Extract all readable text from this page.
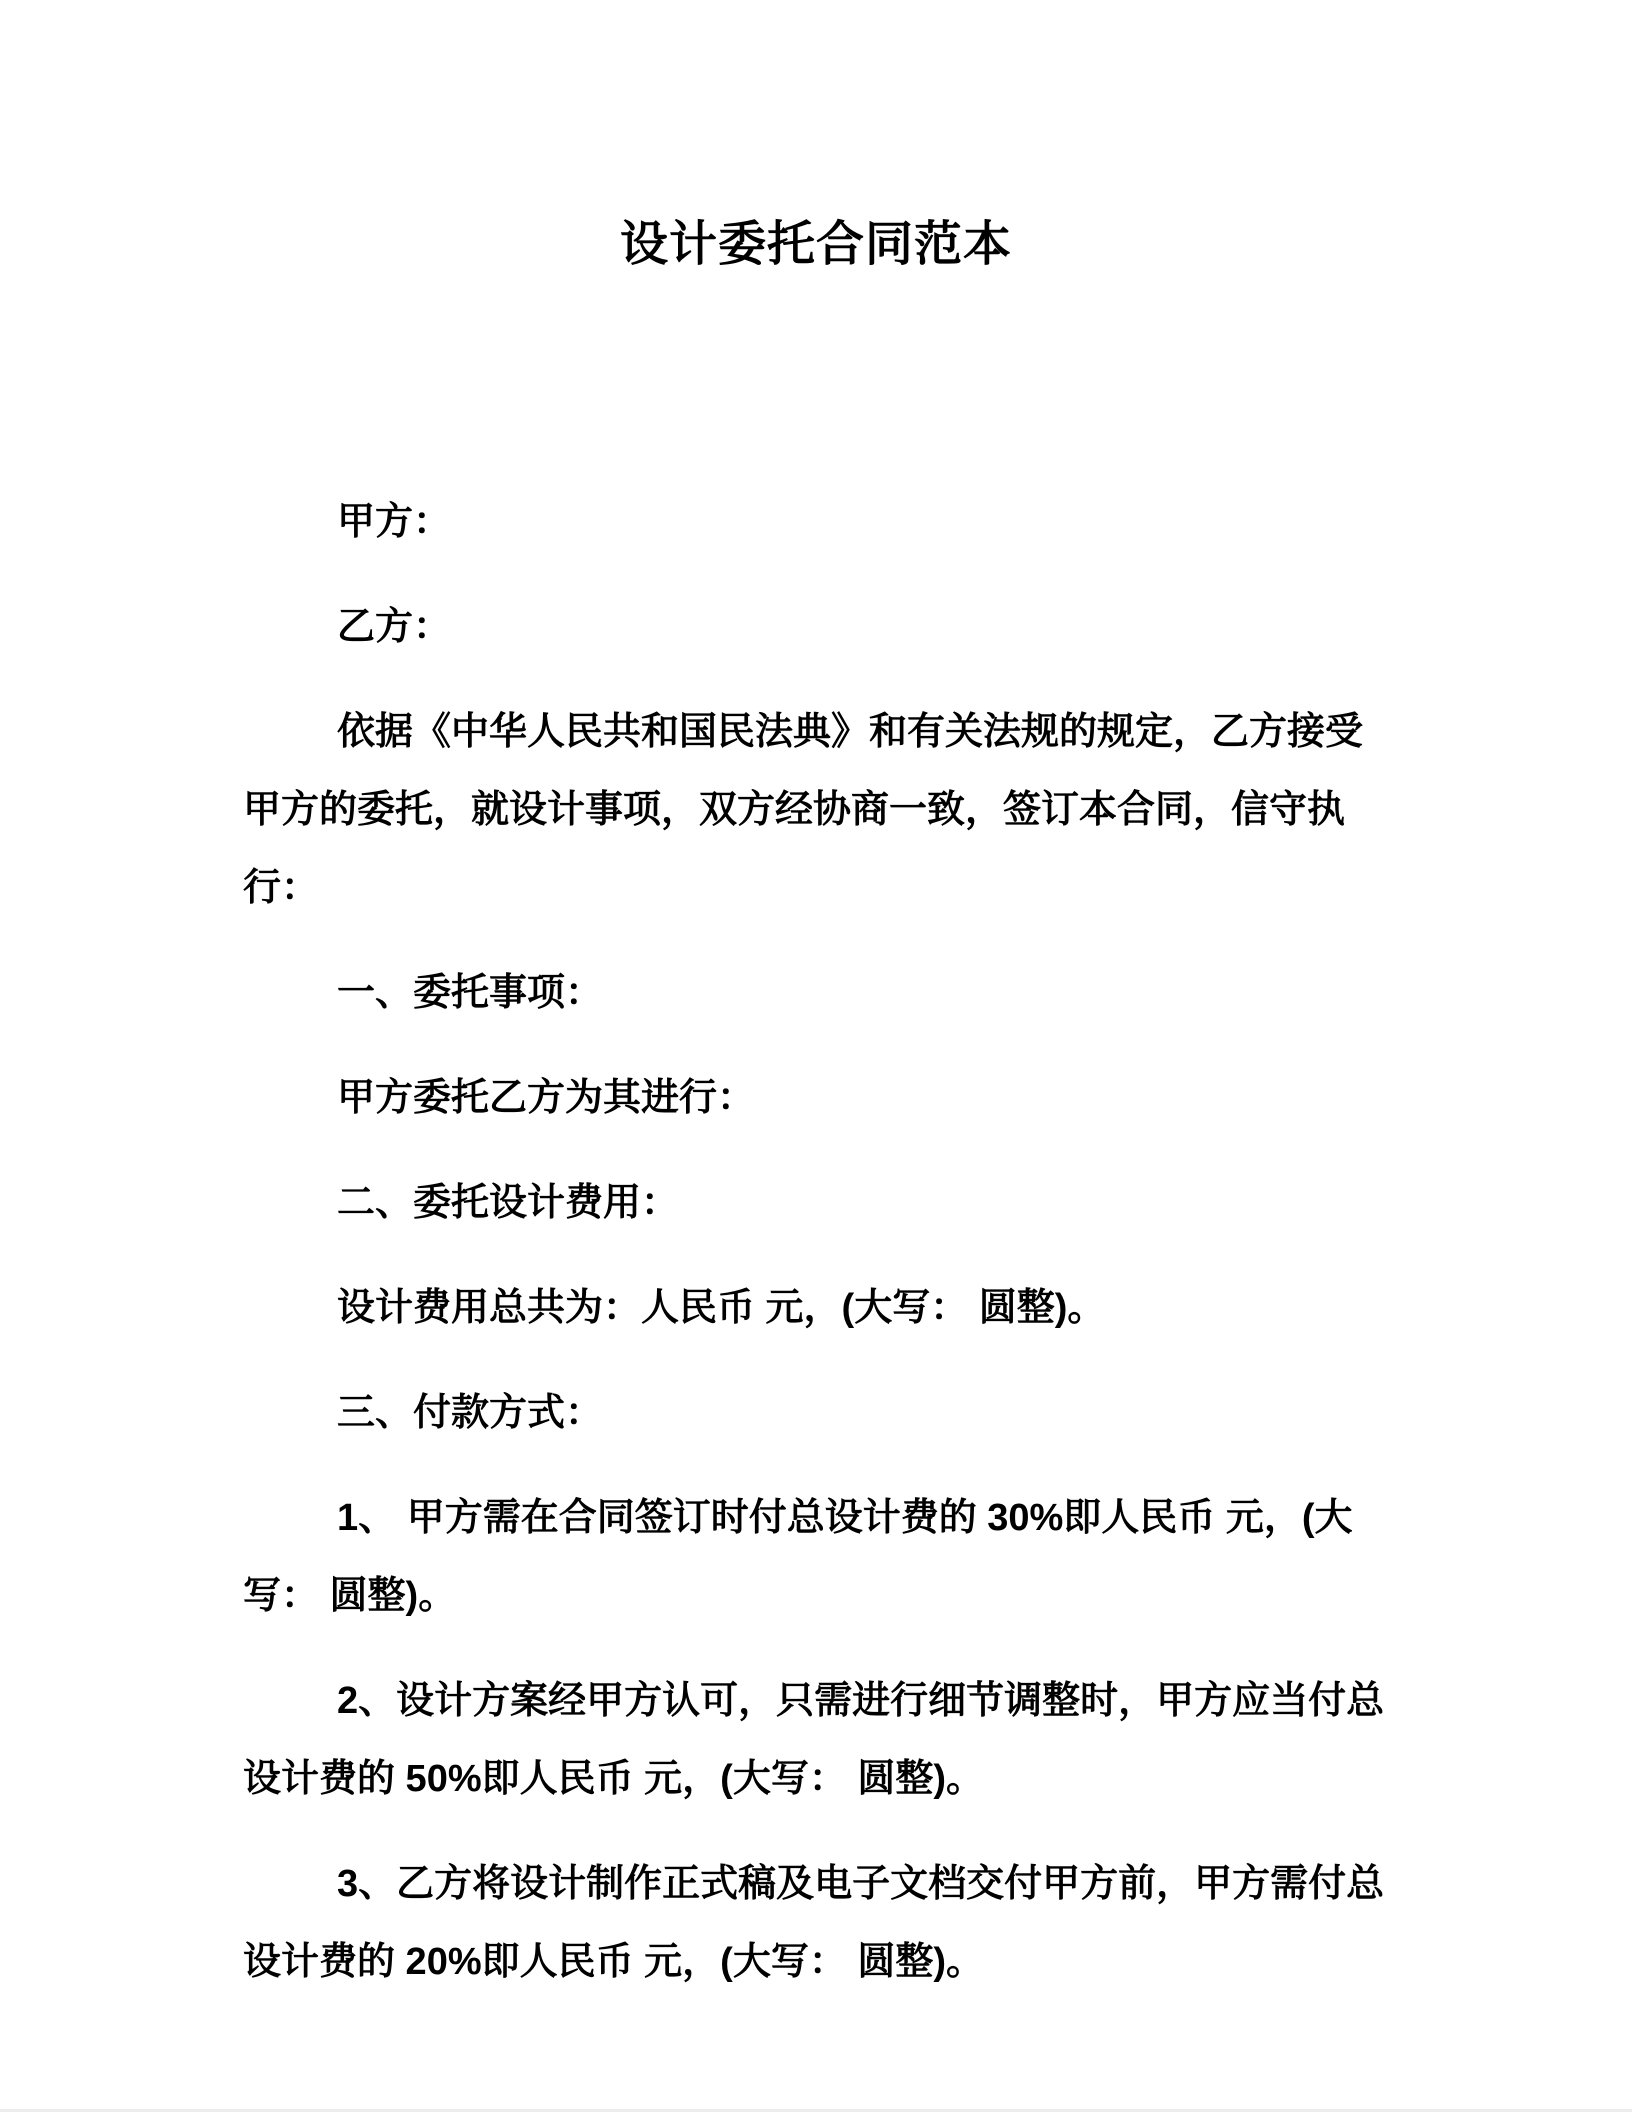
设计委托合同范本

甲方：

乙方：

依据《中华人民共和国民法典》和有关法规的规定，乙方接受甲方的委托，就设计事项，双方经协商一致，签订本合同，信守执行：

一、委托事项：

甲方委托乙方为其进行：

二、委托设计费用：

设计费用总共为：人民币 元，(大写： 圆整)。

三、付款方式：

1、 甲方需在合同签订时付总设计费的 30%即人民币 元，(大写： 圆整)。

2、设计方案经甲方认可，只需进行细节调整时，甲方应当付总设计费的 50%即人民币 元，(大写： 圆整)。

3、乙方将设计制作正式稿及电子文档交付甲方前，甲方需付总设计费的 20%即人民币 元，(大写： 圆整)。
